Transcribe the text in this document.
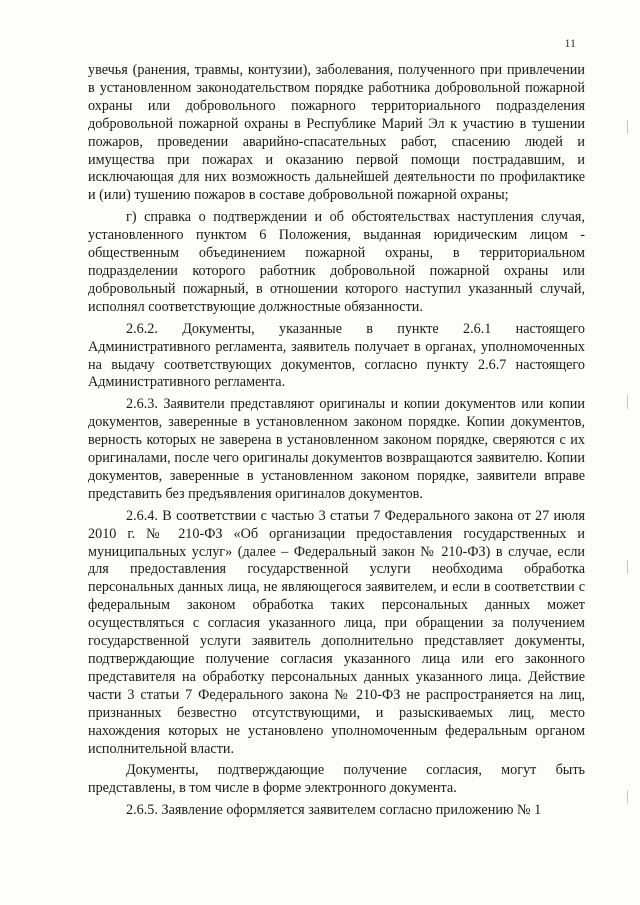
11

увечья (ранения, травмы, контузии), заболевания, полученного при привлечении в установленном законодательством порядке работника добровольной пожарной охраны или добровольного пожарного территориального подразделения добровольной пожарной охраны в Республике Марий Эл к участию в тушении пожаров, проведении аварийно-спасательных работ, спасению людей и имущества при пожарах и оказанию первой помощи пострадавшим, и исключающая для них возможность дальнейшей деятельности по профилактике и (или) тушению пожаров в составе добровольной пожарной охраны;

г) справка о подтверждении и об обстоятельствах наступления случая, установленного пунктом 6 Положения, выданная юридическим лицом - общественным объединением пожарной охраны, в территориальном подразделении которого работник добровольной пожарной охраны или добровольный пожарный, в отношении которого наступил указанный случай, исполнял соответствующие должностные обязанности.

2.6.2. Документы, указанные в пункте 2.6.1 настоящего Административного регламента, заявитель получает в органах, уполномоченных на выдачу соответствующих документов, согласно пункту 2.6.7 настоящего Административного регламента.

2.6.3. Заявители представляют оригиналы и копии документов или копии документов, заверенные в установленном законом порядке. Копии документов, верность которых не заверена в установленном законом порядке, сверяются с их оригиналами, после чего оригиналы документов возвращаются заявителю. Копии документов, заверенные в установленном законом порядке, заявители вправе представить без предъявления оригиналов документов.

2.6.4. В соответствии с частью 3 статьи 7 Федерального закона от 27 июля 2010 г. № 210-ФЗ «Об организации предоставления государственных и муниципальных услуг» (далее – Федеральный закон № 210-ФЗ) в случае, если для предоставления государственной услуги необходима обработка персональных данных лица, не являющегося заявителем, и если в соответствии с федеральным законом обработка таких персональных данных может осуществляться с согласия указанного лица, при обращении за получением государственной услуги заявитель дополнительно представляет документы, подтверждающие получение согласия указанного лица или его законного представителя на обработку персональных данных указанного лица. Действие части 3 статьи 7 Федерального закона № 210-ФЗ не распространяется на лиц, признанных безвестно отсутствующими, и разыскиваемых лиц, место нахождения которых не установлено уполномоченным федеральным органом исполнительной власти.

Документы, подтверждающие получение согласия, могут быть представлены, в том числе в форме электронного документа.

2.6.5. Заявление оформляется заявителем согласно приложению № 1
